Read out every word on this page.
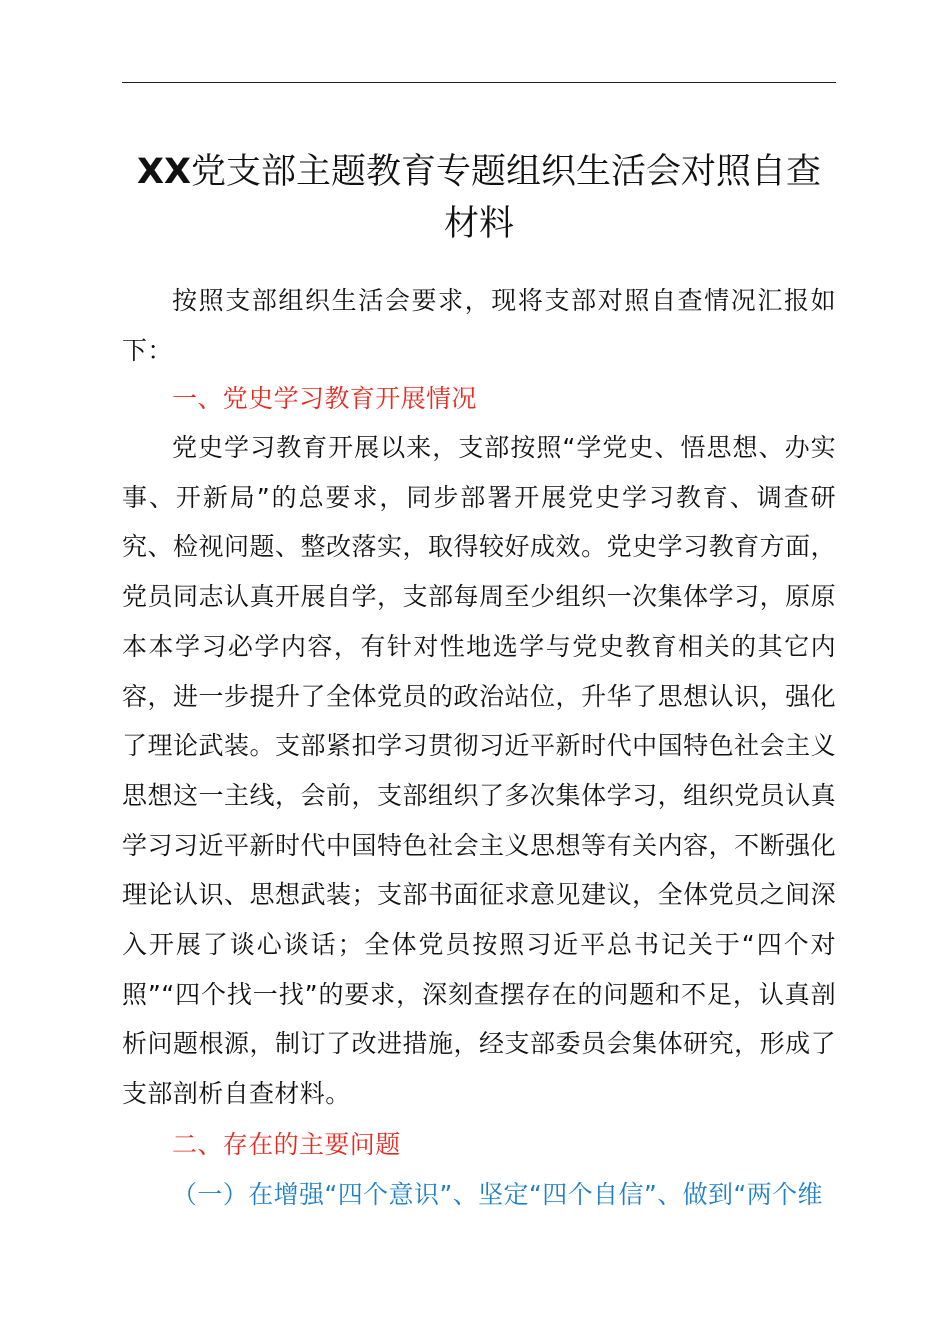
XX党支部主题教育专题组织生活会对照自查材料

按照支部组织生活会要求，现将支部对照自查情况汇报如下：

一、党史学习教育开展情况

党史学习教育开展以来，支部按照“学党史、悟思想、办实事、开新局”的总要求，同步部署开展党史学习教育、调查研究、检视问题、整改落实，取得较好成效。党史学习教育方面，党员同志认真开展自学，支部每周至少组织一次集体学习，原原本本学习必学内容，有针对性地选学与党史教育相关的其它内容，进一步提升了全体党员的政治站位，升华了思想认识，强化了理论武装。支部紧扣学习贯彻习近平新时代中国特色社会主义思想这一主线，会前，支部组织了多次集体学习，组织党员认真学习习近平新时代中国特色社会主义思想等有关内容，不断强化理论认识、思想武装；支部书面征求意见建议，全体党员之间深入开展了谈心谈话；全体党员按照习近平总书记关于“四个对照”“四个找一找”的要求，深刻查摆存在的问题和不足，认真剖析问题根源，制订了改进措施，经支部委员会集体研究，形成了支部剖析自查材料。

二、存在的主要问题

（一）在增强“四个意识”、坚定“四个自信”、做到“两个维
